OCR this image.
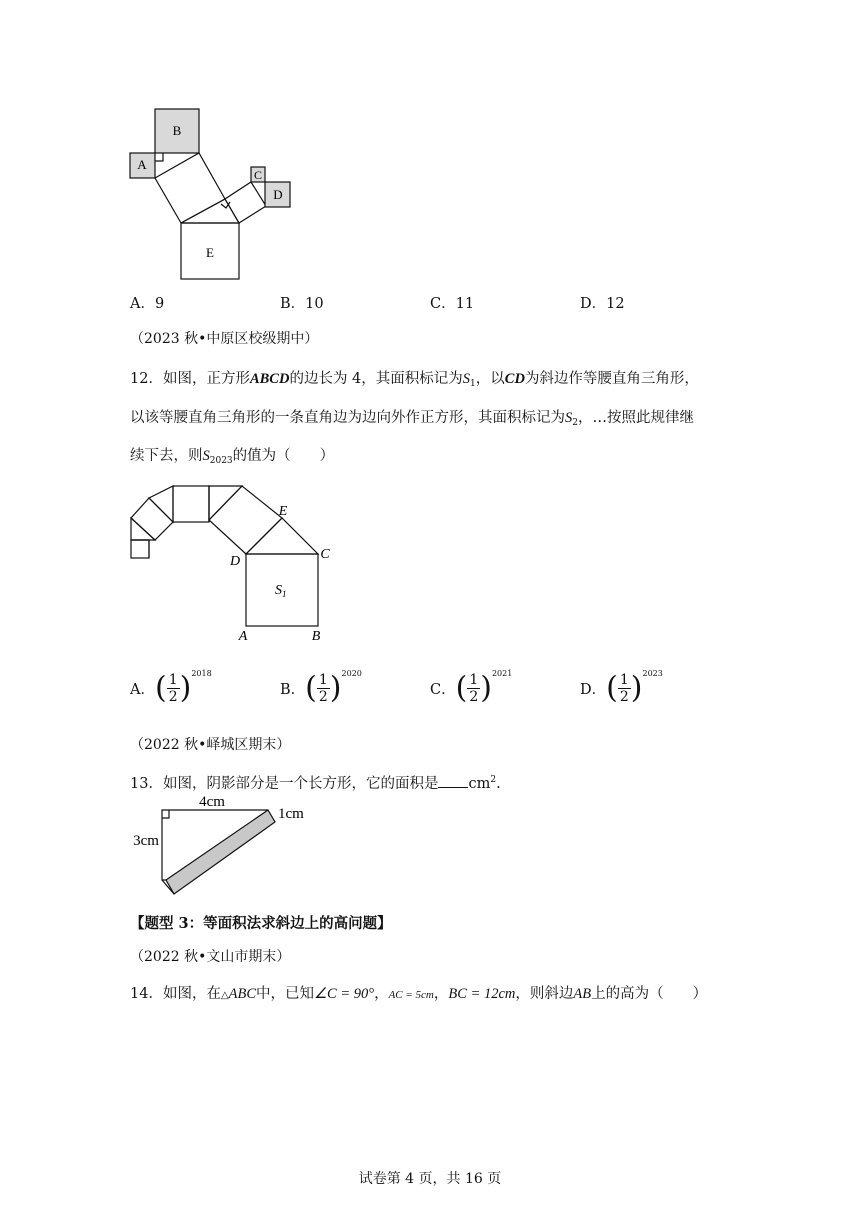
B
A
C
D
E
A．9	B．10	C．11	D．12
（2023 秋•中原区校级期中）
12．如图，正方形ABCD的边长为 4，其面积标记为$S_1$，以CD为斜边作等腰直角三角形，
以该等腰直角三角形的一条直角边为边向外作正方形，其面积标记为$S_2$，…按照此规律继
续下去，则$S_{2023}$的值为（　　）
E
D	C
A	B
$S_1$
A．( $\frac{1}{2}$ ) 2018
B．( $\frac{1}{2}$ ) 2020
C．( $\frac{1}{2}$ ) 2021
D．( $\frac{1}{2}$ ) 2023
（2022 秋•峄城区期末）
13．如图，阴影部分是一个长方形，它的面积是 $cm^2$.
4cm
3cm
1cm
【题型 3：等面积法求斜边上的高问题】
（2022 秋•文山市期末）
14．如图，在△ABC中，已知∠C = 90°，AC = 5cm，BC = 12cm，则斜边AB上的高为（　　）
试卷第 4 页，共 16 页
